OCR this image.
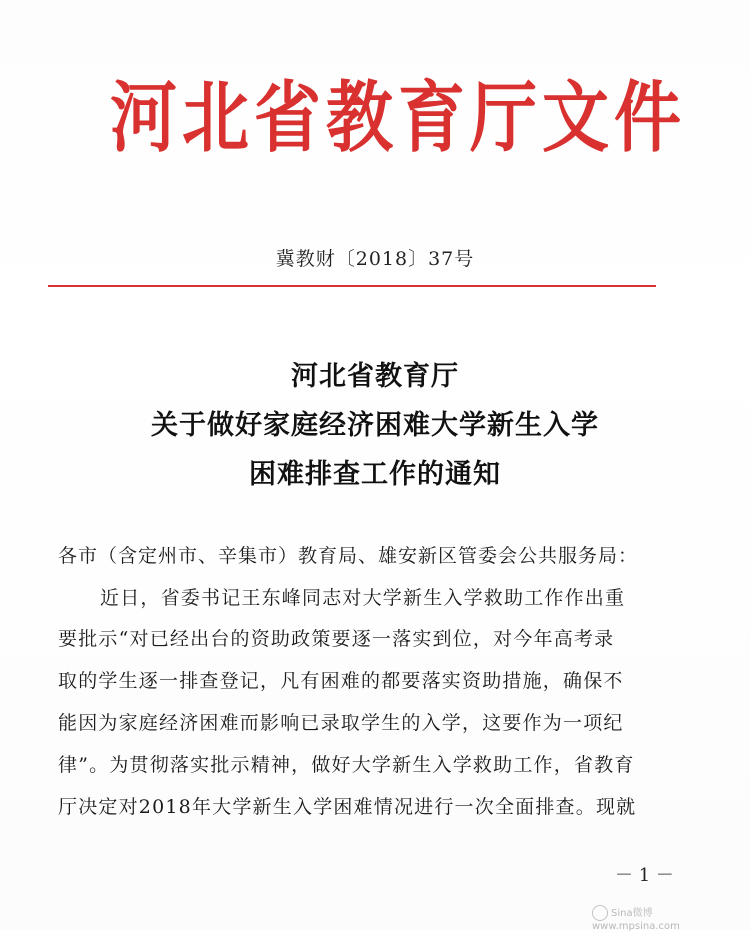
河北省教育厅文件
冀教财〔2018〕37号
河北省教育厅
关于做好家庭经济困难大学新生入学
困难排查工作的通知
各市（含定州市、辛集市）教育局、雄安新区管委会公共服务局：
近日，省委书记王东峰同志对大学新生入学救助工作作出重
要批示“对已经出台的资助政策要逐一落实到位，对今年高考录
取的学生逐一排查登记，凡有困难的都要落实资助措施，确保不
能因为家庭经济困难而影响已录取学生的入学，这要作为一项纪
律”。为贯彻落实批示精神，做好大学新生入学救助工作，省教育
厅决定对2018年大学新生入学困难情况进行一次全面排查。现就
－ 1 －
Sina微博
www.mpsina.com
